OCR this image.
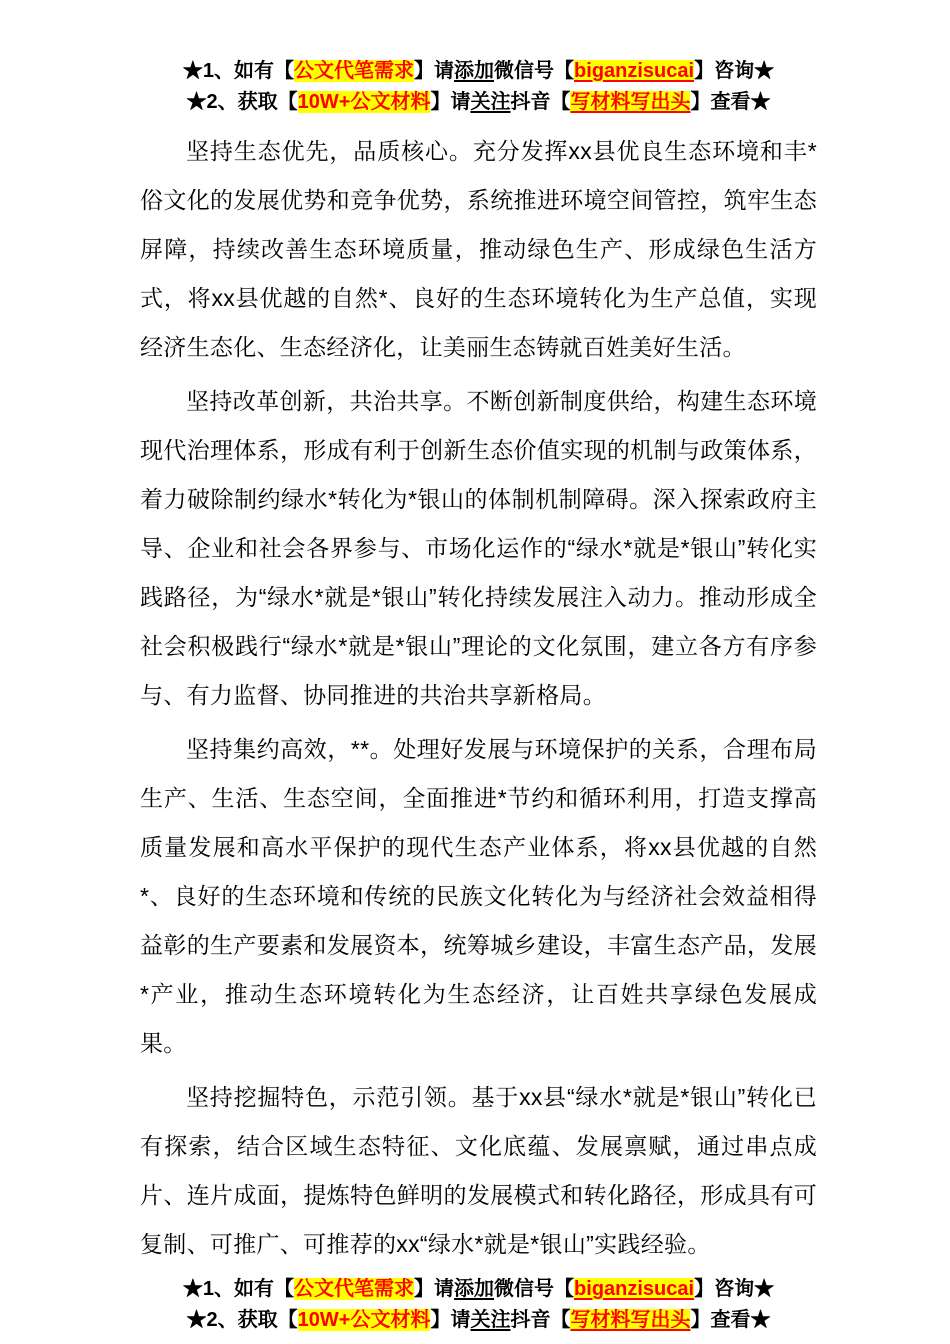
★1、如有【公文代笔需求】请添加微信号【biganzisucai】咨询★
★2、获取【10W+公文材料】请关注抖音【写材料写出头】查看★

坚持生态优先，品质核心。充分发挥xx县优良生态环境和丰*俗文化的发展优势和竞争优势，系统推进环境空间管控，筑牢生态屏障，持续改善生态环境质量，推动绿色生产、形成绿色生活方式，将xx县优越的自然*、良好的生态环境转化为生产总值，实现经济生态化、生态经济化，让美丽生态铸就百姓美好生活。

坚持改革创新，共治共享。不断创新制度供给，构建生态环境现代治理体系，形成有利于创新生态价值实现的机制与政策体系，着力破除制约绿水*转化为*银山的体制机制障碍。深入探索政府主导、企业和社会各界参与、市场化运作的“绿水*就是*银山”转化实践路径，为“绿水*就是*银山”转化持续发展注入动力。推动形成全社会积极践行“绿水*就是*银山”理论的文化氛围，建立各方有序参与、有力监督、协同推进的共治共享新格局。

坚持集约高效，**。处理好发展与环境保护的关系，合理布局生产、生活、生态空间，全面推进*节约和循环利用，打造支撑高质量发展和高水平保护的现代生态产业体系，将xx县优越的自然*、良好的生态环境和传统的民族文化转化为与经济社会效益相得益彰的生产要素和发展资本，统筹城乡建设，丰富生态产品，发展*产业，推动生态环境转化为生态经济，让百姓共享绿色发展成果。

坚持挖掘特色，示范引领。基于xx县“绿水*就是*银山”转化已有探索，结合区域生态特征、文化底蕴、发展禀赋，通过串点成片、连片成面，提炼特色鲜明的发展模式和转化路径，形成具有可复制、可推广、可推荐的xx“绿水*就是*银山”实践经验。

★1、如有【公文代笔需求】请添加微信号【biganzisucai】咨询★
★2、获取【10W+公文材料】请关注抖音【写材料写出头】查看★
